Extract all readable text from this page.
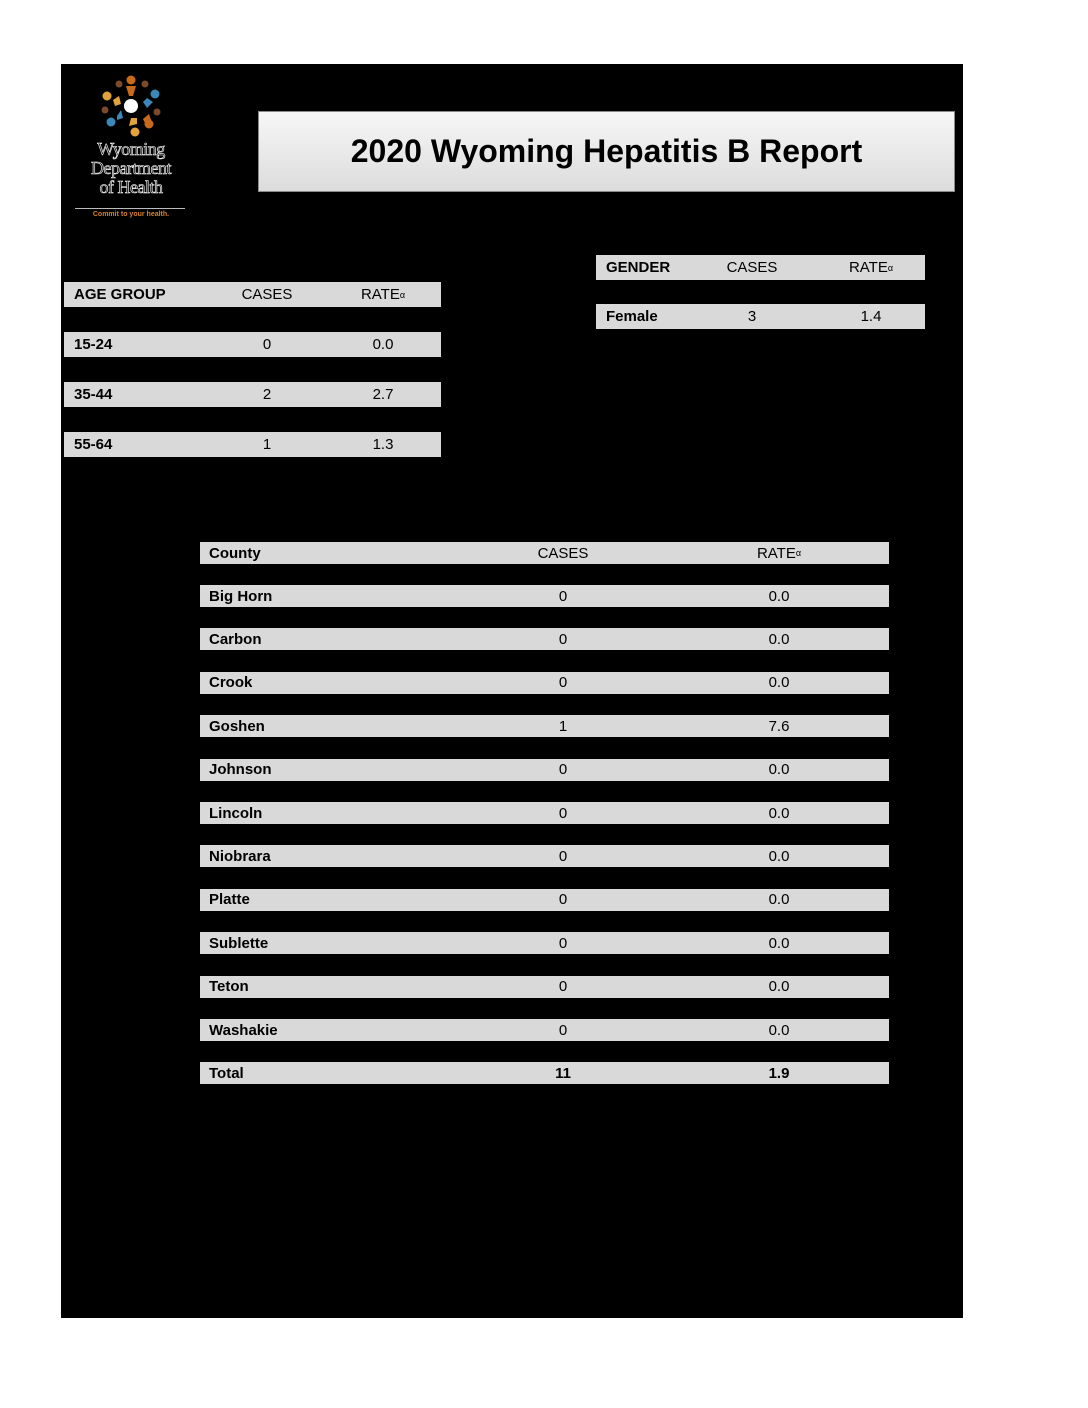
Wyoming
Department
of Health
Commit to your health.
2020 Wyoming Hepatitis B Report
AGE GROUP	CASES	RATE α
15-24	0	0.0
35-44	2	2.7
55-64	1	1.3
GENDER	CASES	RATE α
Female	3	1.4
County	CASES	RATE α
Big Horn	0	0.0
Carbon	0	0.0
Crook	0	0.0
Goshen	1	7.6
Johnson	0	0.0
Lincoln	0	0.0
Niobrara	0	0.0
Platte	0	0.0
Sublette	0	0.0
Teton	0	0.0
Washakie	0	0.0
Total	11	1.9
